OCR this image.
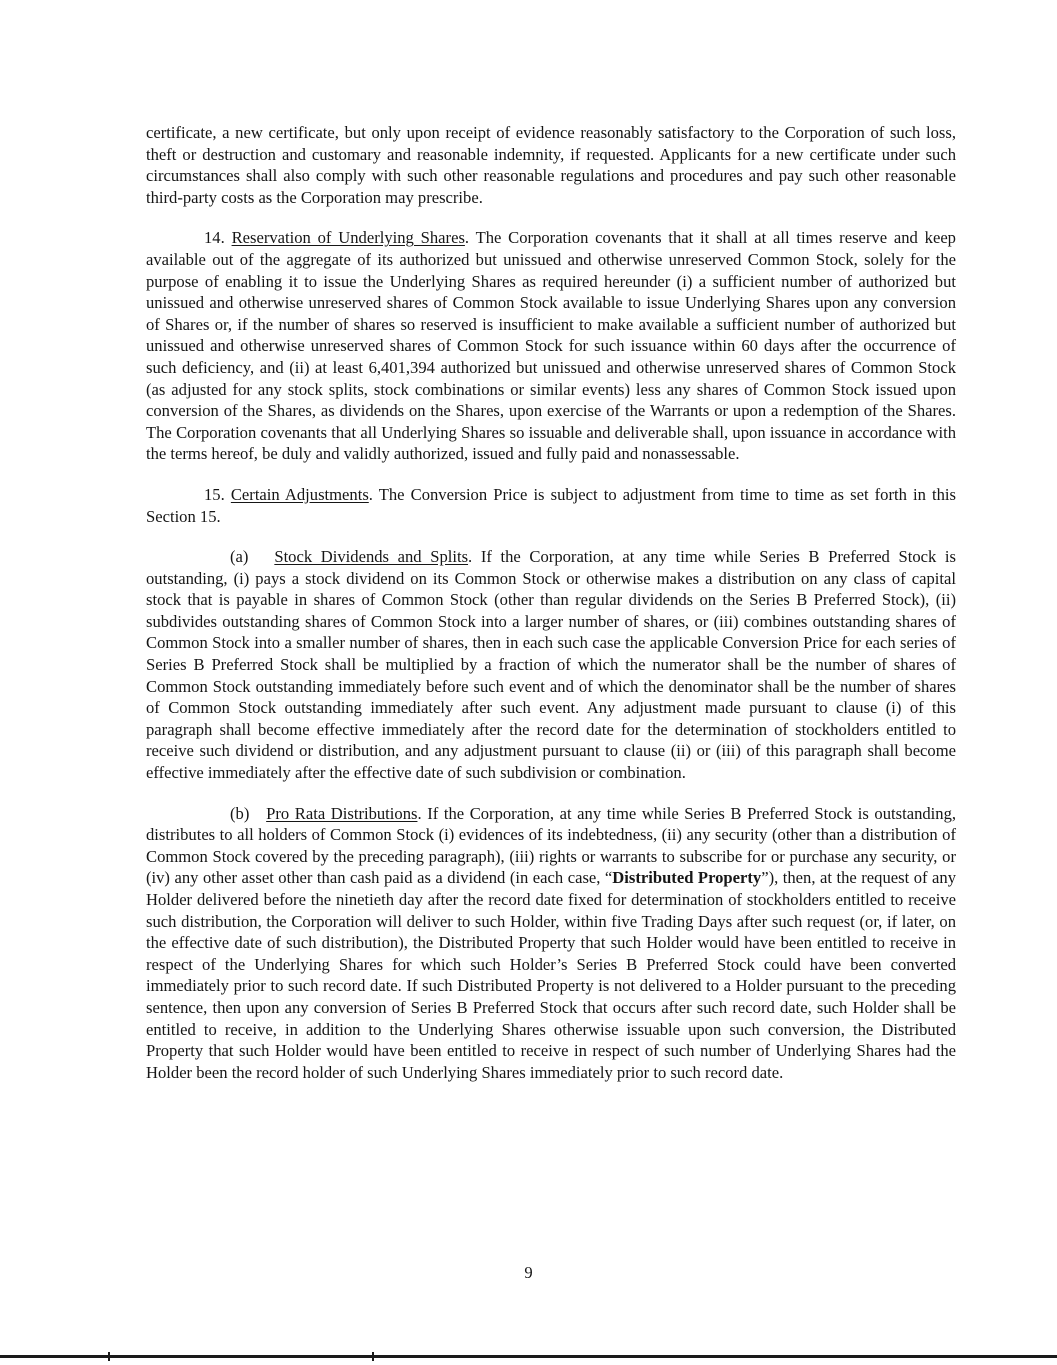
certificate, a new certificate, but only upon receipt of evidence reasonably satisfactory to the Corporation of such loss, theft or destruction and customary and reasonable indemnity, if requested. Applicants for a new certificate under such circumstances shall also comply with such other reasonable regulations and procedures and pay such other reasonable third-party costs as the Corporation may prescribe.

14. Reservation of Underlying Shares. The Corporation covenants that it shall at all times reserve and keep available out of the aggregate of its authorized but unissued and otherwise unreserved Common Stock, solely for the purpose of enabling it to issue the Underlying Shares as required hereunder (i) a sufficient number of authorized but unissued and otherwise unreserved shares of Common Stock available to issue Underlying Shares upon any conversion of Shares or, if the number of shares so reserved is insufficient to make available a sufficient number of authorized but unissued and otherwise unreserved shares of Common Stock for such issuance within 60 days after the occurrence of such deficiency, and (ii) at least 6,401,394 authorized but unissued and otherwise unreserved shares of Common Stock (as adjusted for any stock splits, stock combinations or similar events) less any shares of Common Stock issued upon conversion of the Shares, as dividends on the Shares, upon exercise of the Warrants or upon a redemption of the Shares. The Corporation covenants that all Underlying Shares so issuable and deliverable shall, upon issuance in accordance with the terms hereof, be duly and validly authorized, issued and fully paid and nonassessable.

15. Certain Adjustments. The Conversion Price is subject to adjustment from time to time as set forth in this Section 15.

(a) Stock Dividends and Splits. If the Corporation, at any time while Series B Preferred Stock is outstanding, (i) pays a stock dividend on its Common Stock or otherwise makes a distribution on any class of capital stock that is payable in shares of Common Stock (other than regular dividends on the Series B Preferred Stock), (ii) subdivides outstanding shares of Common Stock into a larger number of shares, or (iii) combines outstanding shares of Common Stock into a smaller number of shares, then in each such case the applicable Conversion Price for each series of Series B Preferred Stock shall be multiplied by a fraction of which the numerator shall be the number of shares of Common Stock outstanding immediately before such event and of which the denominator shall be the number of shares of Common Stock outstanding immediately after such event. Any adjustment made pursuant to clause (i) of this paragraph shall become effective immediately after the record date for the determination of stockholders entitled to receive such dividend or distribution, and any adjustment pursuant to clause (ii) or (iii) of this paragraph shall become effective immediately after the effective date of such subdivision or combination.

(b) Pro Rata Distributions. If the Corporation, at any time while Series B Preferred Stock is outstanding, distributes to all holders of Common Stock (i) evidences of its indebtedness, (ii) any security (other than a distribution of Common Stock covered by the preceding paragraph), (iii) rights or warrants to subscribe for or purchase any security, or (iv) any other asset other than cash paid as a dividend (in each case, “Distributed Property”), then, at the request of any Holder delivered before the ninetieth day after the record date fixed for determination of stockholders entitled to receive such distribution, the Corporation will deliver to such Holder, within five Trading Days after such request (or, if later, on the effective date of such distribution), the Distributed Property that such Holder would have been entitled to receive in respect of the Underlying Shares for which such Holder’s Series B Preferred Stock could have been converted immediately prior to such record date. If such Distributed Property is not delivered to a Holder pursuant to the preceding sentence, then upon any conversion of Series B Preferred Stock that occurs after such record date, such Holder shall be entitled to receive, in addition to the Underlying Shares otherwise issuable upon such conversion, the Distributed Property that such Holder would have been entitled to receive in respect of such number of Underlying Shares had the Holder been the record holder of such Underlying Shares immediately prior to such record date.

9
